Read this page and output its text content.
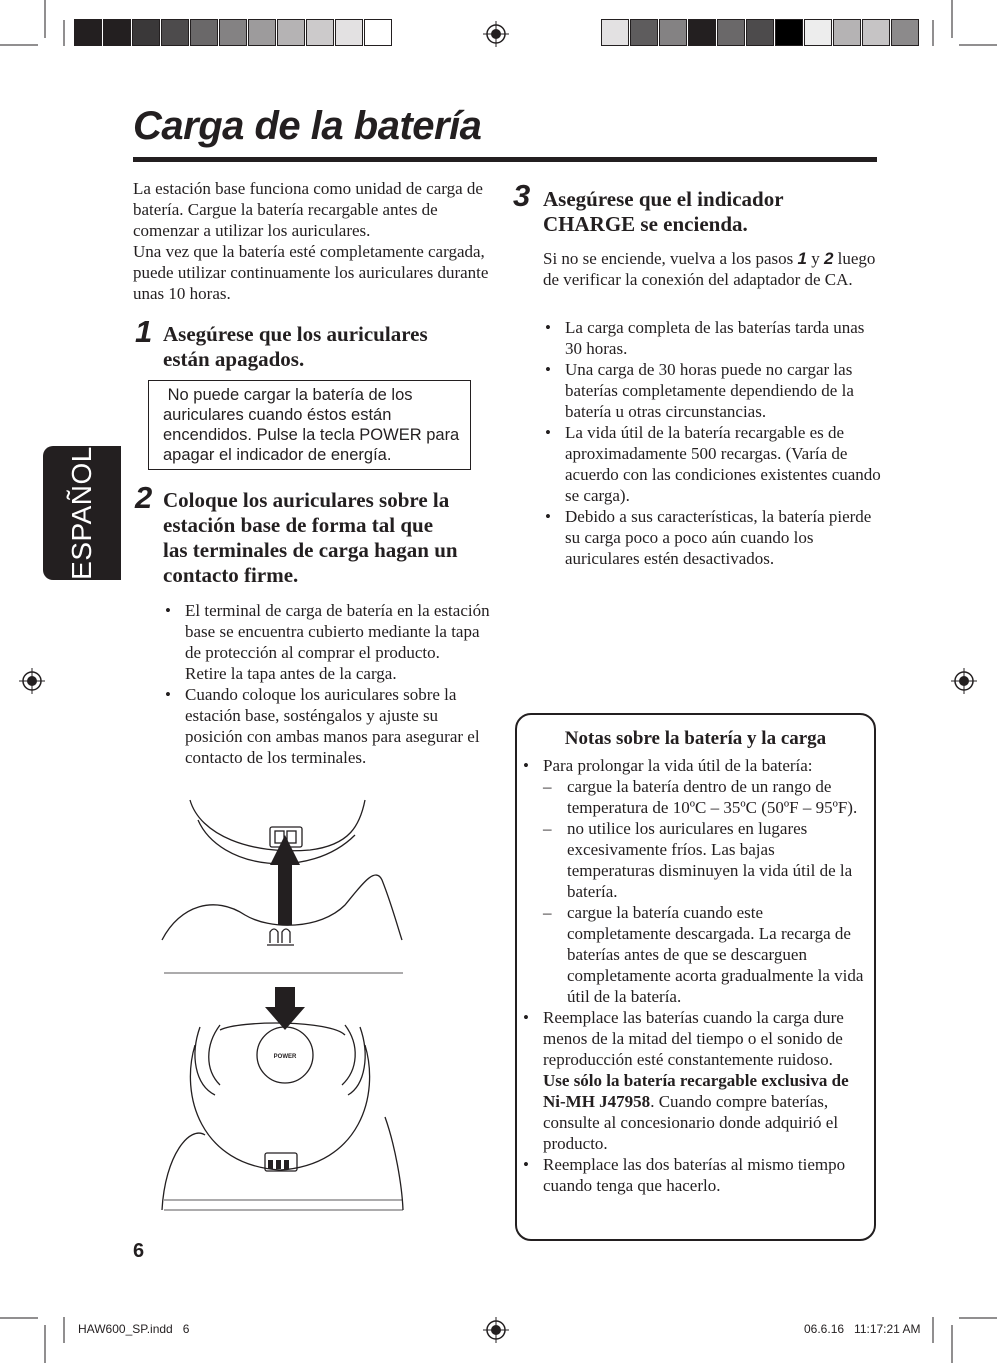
Carga de la batería
ESPAÑOL
La estación base funciona como unidad de carga de batería. Cargue la batería recargable antes de comenzar a utilizar los auriculares.
Una vez que la batería esté completamente cargada, puede utilizar continuamente los auriculares durante unas 10 horas.
1 Asegúrese que los auriculares
están apagados.
No puede cargar la batería de los auriculares cuando éstos están encendidos. Pulse la tecla POWER para apagar el indicador de energía.
2 Coloque los auriculares sobre la
estación base de forma tal que
las terminales de carga hagan un
contacto firme.
• El terminal de carga de batería en la estación base se encuentra cubierto mediante la tapa de protección al comprar el producto.
Retire la tapa antes de la carga.
• Cuando coloque los auriculares sobre la estación base, sosténgalos y ajuste su posición con ambas manos para asegurar el contacto de los terminales.
POWER
3 Asegúrese que el indicador
CHARGE se encienda.
Si no se enciende, vuelva a los pasos 1 y 2 luego de verificar la conexión del adaptador de CA.
• La carga completa de las baterías tarda unas 30 horas.
• Una carga de 30 horas puede no cargar las baterías completamente dependiendo de la batería u otras circunstancias.
• La vida útil de la batería recargable es de aproximadamente 500 recargas. (Varía de acuerdo con las condiciones existentes cuando se carga).
• Debido a sus características, la batería pierde su carga poco a poco aún cuando los auriculares estén desactivados.
Notas sobre la batería y la carga
• Para prolongar la vida útil de la batería:
– cargue la batería dentro de un rango de temperatura de 10ºC – 35ºC (50ºF – 95ºF).
– no utilice los auriculares en lugares excesivamente fríos. Las bajas temperaturas disminuyen la vida útil de la batería.
– cargue la batería cuando este completamente descargada. La recarga de baterías antes de que se descarguen completamente acorta gradualmente la vida útil de la batería.
• Reemplace las baterías cuando la carga dure menos de la mitad del tiempo o el sonido de reproducción esté constantemente ruidoso.
Use sólo la batería recargable exclusiva de Ni-MH J47958. Cuando compre baterías, consulte al concesionario donde adquirió el producto.
• Reemplace las dos baterías al mismo tiempo cuando tenga que hacerlo.
6
HAW600_SP.indd   6	06.6.16   11:17:21 AM
